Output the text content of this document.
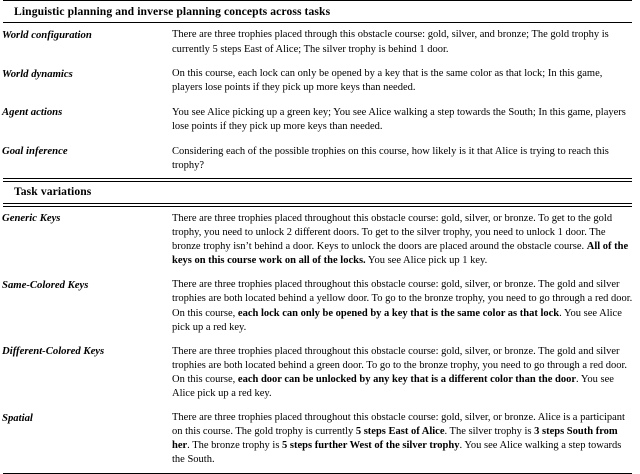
Linguistic planning and inverse planning concepts across tasks
World configuration	There are three trophies placed through this obstacle course: gold, silver, and bronze; The gold trophy is currently 5 steps East of Alice; The silver trophy is behind 1 door.
World dynamics	On this course, each lock can only be opened by a key that is the same color as that lock; In this game, players lose points if they pick up more keys than needed.
Agent actions	You see Alice picking up a green key; You see Alice walking a step towards the South; In this game, players lose points if they pick up more keys than needed.
Goal inference	Considering each of the possible trophies on this course, how likely is it that Alice is trying to reach this trophy?
Task variations
Generic Keys	There are three trophies placed throughout this obstacle course: gold, silver, or bronze. To get to the gold trophy, you need to unlock 2 different doors. To get to the silver trophy, you need to unlock 1 door. The bronze trophy isn’t behind a door. Keys to unlock the doors are placed around the obstacle course. All of the keys on this course work on all of the locks. You see Alice pick up 1 key.
Same-Colored Keys	There are three trophies placed throughout this obstacle course: gold, silver, or bronze. The gold and silver trophies are both located behind a yellow door. To go to the bronze trophy, you need to go through a red door. On this course, each lock can only be opened by a key that is the same color as that lock. You see Alice pick up a red key.
Different-Colored Keys	There are three trophies placed throughout this obstacle course: gold, silver, or bronze. The gold and silver trophies are both located behind a green door. To go to the bronze trophy, you need to go through a red door. On this course, each door can be unlocked by any key that is a different color than the door. You see Alice pick up a red key.
Spatial	There are three trophies placed throughout this obstacle course: gold, silver, or bronze. Alice is a participant on this course. The gold trophy is currently 5 steps East of Alice. The silver trophy is 3 steps South from her. The bronze trophy is 5 steps further West of the silver trophy. You see Alice walking a step towards the South.
